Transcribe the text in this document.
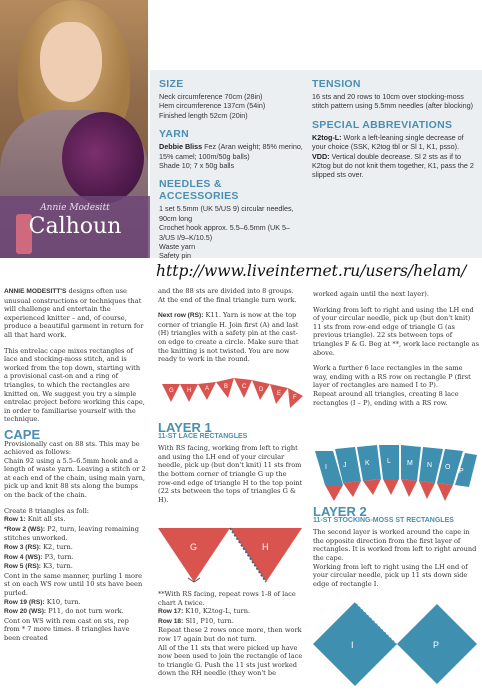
Annie Modesitt
Calhoun
SIZE
Neck circumference 70cm (28in)
Hem circumference 137cm (54in)
Finished length 52cm (20in)
YARN
Debbie Bliss Fez (Aran weight; 85% merino, 15% camel; 100m/50g balls)
Shade 10; 7 x 50g balls
NEEDLES & ACCESSORIES
1 set 5.5mm (UK 5/US 9) circular needles, 90cm long
Crochet hook approx. 5.5–6.5mm (UK 5–3/US I/9–K/10.5)
Waste yarn
Safety pin
TENSION
16 sts and 20 rows to 10cm over stocking-moss stitch pattern using 5.5mm needles (after blocking)
SPECIAL ABBREVIATIONS
K2tog-L: Work a left-leaning single decrease of your choice (SSK, K2tog tbl or Sl 1, K1, psso).
VDD: Vertical double decrease. Sl 2 sts as if to K2tog but do not knit them together, K1, pass the 2 slipped sts over.
http://www.liveinternet.ru/users/helam/

ANNIE MODESITT'S designs often use unusual constructions or techniques that will challenge and entertain the experienced knitter – and, of course, produce a beautiful garment in return for all that hard work.

This entrelac cape mixes rectangles of lace and stocking-moss stitch, and is worked from the top down, starting with a provisional cast-on and a ring of triangles, to which the rectangles are knitted on. We suggest you try a simple entrelac project before working this cape, in order to familiarise yourself with the technique.

CAPE

Provisionally cast on 88 sts. This may be achieved as follows:

Chain 92 using a 5.5–6.5mm hook and a length of waste yarn. Leaving a stitch or 2 at each end of the chain, using main yarn, pick up and knit 88 sts along the bumps on the back of the chain.

Create 8 triangles as foll:

Row 1: Knit all sts.
*Row 2 (WS): P2, turn, leaving remaining stitches unworked.
Row 3 (RS): K2, turn.
Row 4 (WS): P3, turn.
Row 5 (RS): K3, turn.
Cont in the same manner, purling 1 more st on each WS row until 10 sts have been purled.
Row 19 (RS): K10, turn.
Row 20 (WS): P11, do not turn work.
Cont on WS with rem cast on sts, rep from * 7 more times. 8 triangles have been created

and the 88 sts are divided into 8 groups. At the end of the final triangle turn work.

Next row (RS): K11. Yarn is now at the top corner of triangle H. Join first (A) and last (H) triangles with a safety pin at the cast-on edge to create a circle. Make sure that the knitting is not twisted. You are now ready to work in the round.

G H A B C D
E
F
LAYER 1
11-ST LACE RECTANGLES

With RS facing, working from left to right and using the LH end of your circular needle, pick up (but don't knit) 11 sts from the bottom corner of triangle G up the row-end edge of triangle H to the top point (22 sts between the tops of triangles G & H).

G	H

**With RS facing, repeat rows 1-8 of lace chart A twice.

Row 17: K10, K2tog-L, turn.
Row 18: Sl1, P10, turn.
Repeat these 2 rows once more, then work row 17 again but do not turn.
All of the 11 sts that were picked up have now been used to join the rectangle of lace to triangle G. Push the 11 sts just worked down the RH needle (they won't be

worked again until the next layer).

Working from left to right and using the LH end of your circular needle, pick up (but don't knit) 11 sts from row-end edge of triangle G (as previous triangle). 22 sts between tops of triangles F & G. Beg at **, work lace rectangle as above.

Work a further 6 lace rectangles in the same way, ending with a RS row on rectangle P (first layer of rectangles are named I to P).

Repeat around all triangles, creating 8 lace rectangles (I – P), ending with a RS row.

J	K L M
I
P
O
N
LAYER 2
11-ST STOCKING-MOSS ST RECTANGLES

The second layer is worked around the cape in the opposite direction from the first layer of rectangles. It is worked from left to right around the cape.

Working from left to right using the LH end of your circular needle, pick up 11 sts down side edge of rectangle I.

I	P
